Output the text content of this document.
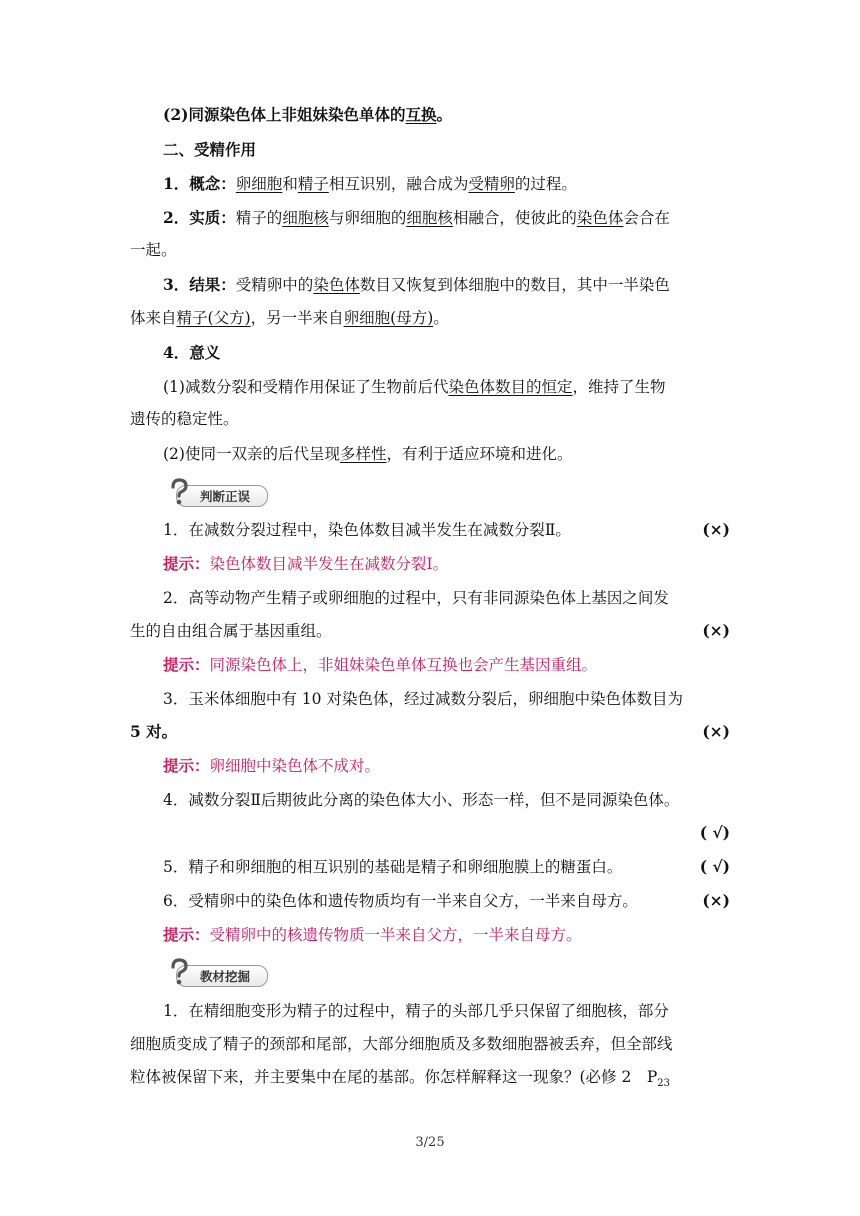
(2)同源染色体上非姐妹染色单体的互换。
二、受精作用
1．概念：卵细胞和精子相互识别，融合成为受精卵的过程。
2．实质：精子的细胞核与卵细胞的细胞核相融合，使彼此的染色体会合在
一起。
3．结果：受精卵中的染色体数目又恢复到体细胞中的数目，其中一半染色
体来自精子(父方)，另一半来自卵细胞(母方)。
4．意义
(1)减数分裂和受精作用保证了生物前后代染色体数目的恒定，维持了生物
遗传的稳定性。
(2)使同一双亲的后代呈现多样性，有利于适应环境和进化。
判断正误
1．在减数分裂过程中，染色体数目减半发生在减数分裂Ⅱ。	(×)
提示：染色体数目减半发生在减数分裂Ⅰ。
2．高等动物产生精子或卵细胞的过程中，只有非同源染色体上基因之间发
生的自由组合属于基因重组。	(×)
提示：同源染色体上，非姐妹染色单体互换也会产生基因重组。
3．玉米体细胞中有 10 对染色体，经过减数分裂后，卵细胞中染色体数目为
5 对。	(×)
提示：卵细胞中染色体不成对。
4．减数分裂Ⅱ后期彼此分离的染色体大小、形态一样，但不是同源染色体。
( √)
5．精子和卵细胞的相互识别的基础是精子和卵细胞膜上的糖蛋白。	( √)
6．受精卵中的染色体和遗传物质均有一半来自父方，一半来自母方。	(×)
提示：受精卵中的核遗传物质一半来自父方，一半来自母方。
教材挖掘
1．在精细胞变形为精子的过程中，精子的头部几乎只保留了细胞核，部分
细胞质变成了精子的颈部和尾部，大部分细胞质及多数细胞器被丢弃，但全部线
粒体被保留下来，并主要集中在尾的基部。你怎样解释这一现象？(必修 2　$P_{23}$
3/25
